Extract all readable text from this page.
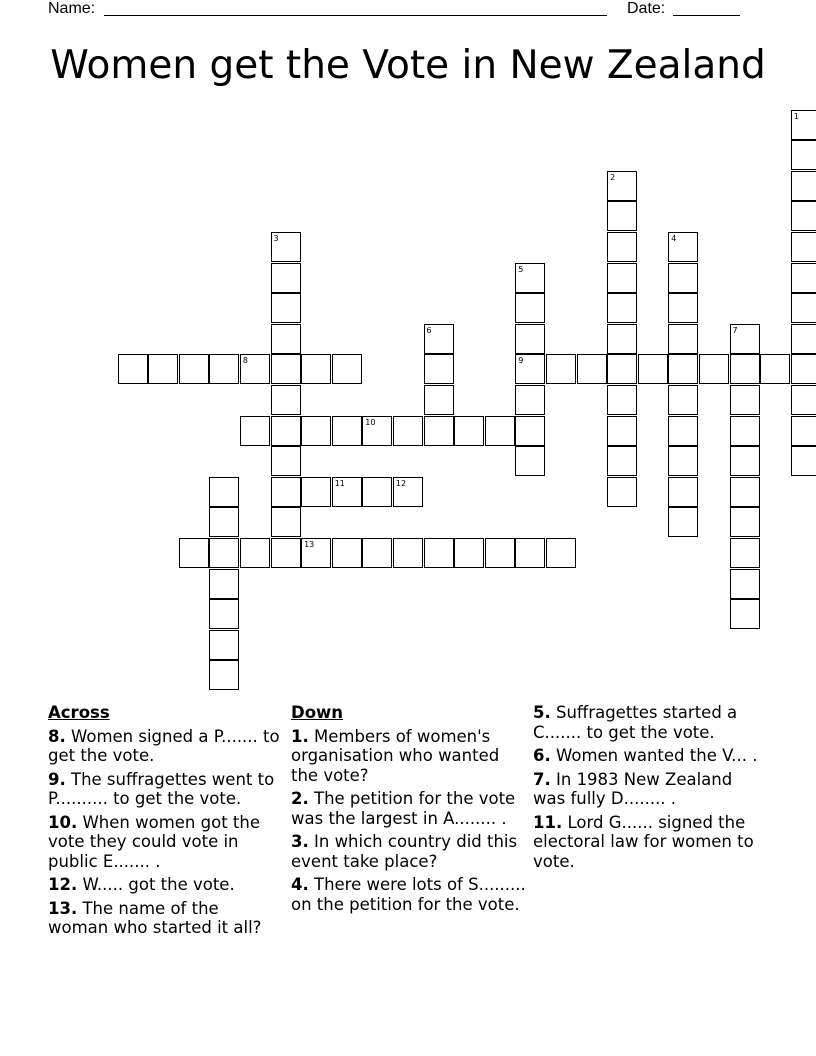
Name:	Date:
Women get the Vote in New Zealand
1
2
3	4
5
9
6	7
8
10
11	12
13
Across
8. Women signed a P....... to get the vote.
9. The suffragettes went to P.......... to get the vote.
10. When women got the vote they could vote in public E....... .
12. W..... got the vote.
13. The name of the woman who started it all?
Down
1. Members of women's organisation who wanted the vote?
2. The petition for the vote was the largest in A........ .
3. In which country did this event take place?
4. There were lots of S......... on the petition for the vote.
5. Suffragettes started a C....... to get the vote.
6. Women wanted the V... .
7. In 1983 New Zealand was fully D........ .
11. Lord G...... signed the electoral law for women to vote.
